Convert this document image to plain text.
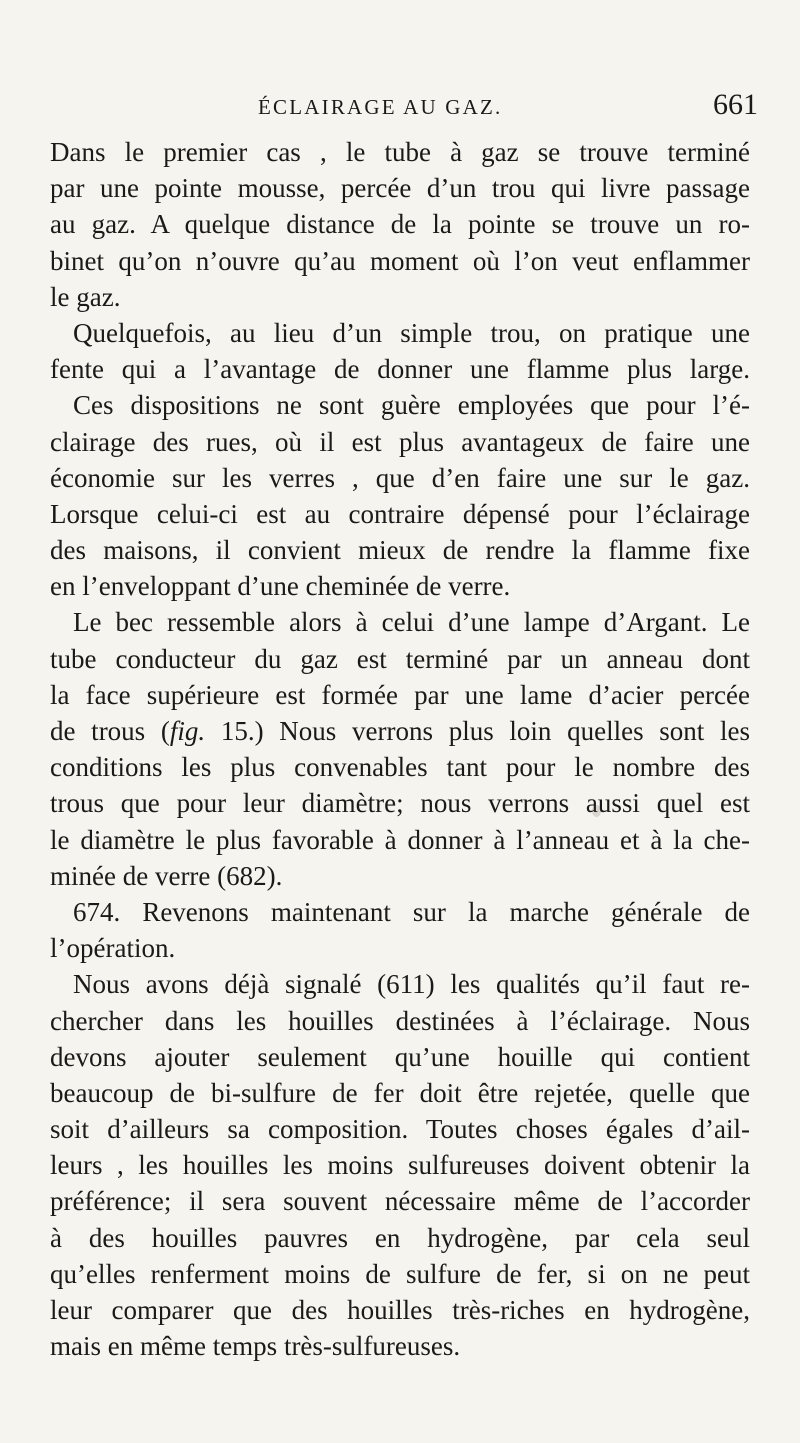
ÉCLAIRAGE AU GAZ.	661
Dans le premier cas , le tube à gaz se trouve terminé
par une pointe mousse, percée d’un trou qui livre passage
au gaz. A quelque distance de la pointe se trouve un ro-
binet qu’on n’ouvre qu’au moment où l’on veut enflammer
le gaz.
Quelquefois, au lieu d’un simple trou, on pratique une
fente qui a l’avantage de donner une flamme plus large.
Ces dispositions ne sont guère employées que pour l’é-
clairage des rues, où il est plus avantageux de faire une
économie sur les verres , que d’en faire une sur le gaz.
Lorsque celui-ci est au contraire dépensé pour l’éclairage
des maisons, il convient mieux de rendre la flamme fixe
en l’enveloppant d’une cheminée de verre.
Le bec ressemble alors à celui d’une lampe d’Argant. Le
tube conducteur du gaz est terminé par un anneau dont
la face supérieure est formée par une lame d’acier percée
de trous (fig. 15.) Nous verrons plus loin quelles sont les
conditions les plus convenables tant pour le nombre des
trous que pour leur diamètre; nous verrons aussi quel est
le diamètre le plus favorable à donner à l’anneau et à la che-
minée de verre (682).
674. Revenons maintenant sur la marche générale de
l’opération.
Nous avons déjà signalé (611) les qualités qu’il faut re-
chercher dans les houilles destinées à l’éclairage. Nous
devons ajouter seulement qu’une houille qui contient
beaucoup de bi-sulfure de fer doit être rejetée, quelle que
soit d’ailleurs sa composition. Toutes choses égales d’ail-
leurs , les houilles les moins sulfureuses doivent obtenir la
préférence; il sera souvent nécessaire même de l’accorder
à des houilles pauvres en hydrogène, par cela seul
qu’elles renferment moins de sulfure de fer, si on ne peut
leur comparer que des houilles très-riches en hydrogène,
mais en même temps très-sulfureuses.
